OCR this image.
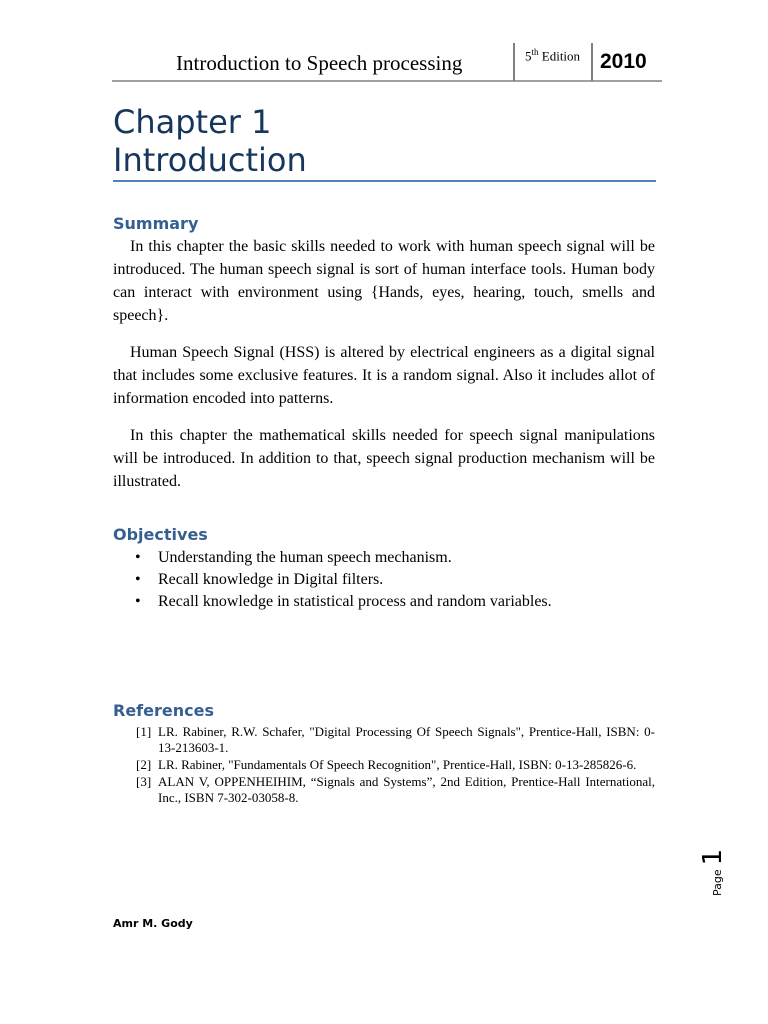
Introduction to Speech processing	5th Edition 2010
Chapter 1
Introduction
Summary

In this chapter the basic skills needed to work with human speech signal will be introduced. The human speech signal is sort of human interface tools. Human body can interact with environment using {Hands, eyes, hearing, touch, smells and speech}.

Human Speech Signal (HSS) is altered by electrical engineers as a digital signal that includes some exclusive features. It is a random signal. Also it includes allot of information encoded into patterns.

In this chapter the mathematical skills needed for speech signal manipulations will be introduced. In addition to that, speech signal production mechanism will be illustrated.

Objectives
• Understanding the human speech mechanism.
• Recall knowledge in Digital filters.
• Recall knowledge in statistical process and random variables.
References
[1] LR. Rabiner, R.W. Schafer, "Digital Processing Of Speech Signals", Prentice-Hall, ISBN: 0-13-213603-1.
[2] LR. Rabiner, "Fundamentals Of Speech Recognition", Prentice-Hall, ISBN: 0-13-285826-6.
[3] ALAN V, OPPENHEIHIM, “Signals and Systems”, 2nd Edition, Prentice-Hall International, Inc., ISBN 7-302-03058-8.
Page 1
Amr M. Gody
